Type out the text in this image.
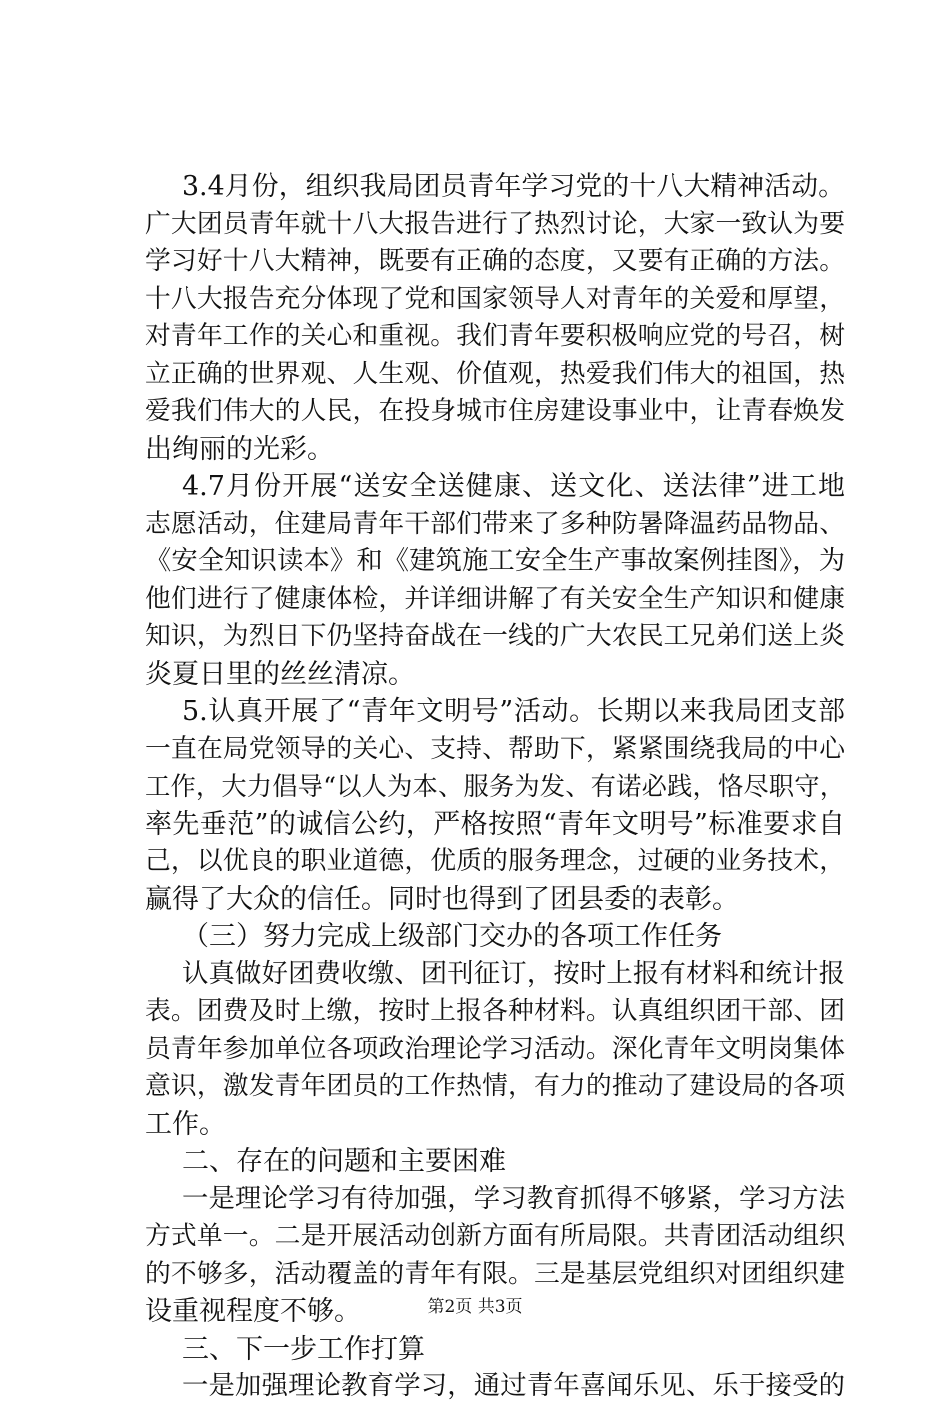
3.4月份，组织我局团员青年学习党的十八大精神活动。
广大团员青年就十八大报告进行了热烈讨论，大家一致认为要
学习好十八大精神，既要有正确的态度，又要有正确的方法。
十八大报告充分体现了党和国家领导人对青年的关爱和厚望，
对青年工作的关心和重视。我们青年要积极响应党的号召，树
立正确的世界观、人生观、价值观，热爱我们伟大的祖国，热
爱我们伟大的人民，在投身城市住房建设事业中，让青春焕发
出绚丽的光彩。
4.7月份开展“送安全送健康、送文化、送法律”进工地
志愿活动，住建局青年干部们带来了多种防暑降温药品物品、
《安全知识读本》和《建筑施工安全生产事故案例挂图》，为
他们进行了健康体检，并详细讲解了有关安全生产知识和健康
知识，为烈日下仍坚持奋战在一线的广大农民工兄弟们送上炎
炎夏日里的丝丝清凉。
5.认真开展了“青年文明号”活动。长期以来我局团支部
一直在局党领导的关心、支持、帮助下，紧紧围绕我局的中心
工作，大力倡导“以人为本、服务为发、有诺必践，恪尽职守，
率先垂范”的诚信公约，严格按照“青年文明号”标准要求自
己，以优良的职业道德，优质的服务理念，过硬的业务技术，
赢得了大众的信任。同时也得到了团县委的表彰。
（三）努力完成上级部门交办的各项工作任务
认真做好团费收缴、团刊征订，按时上报有材料和统计报
表。团费及时上缴，按时上报各种材料。认真组织团干部、团
员青年参加单位各项政治理论学习活动。深化青年文明岗集体
意识，激发青年团员的工作热情，有力的推动了建设局的各项
工作。
二、存在的问题和主要困难
一是理论学习有待加强，学习教育抓得不够紧，学习方法
方式单一。二是开展活动创新方面有所局限。共青团活动组织
的不够多，活动覆盖的青年有限。三是基层党组织对团组织建
设重视程度不够。
三、下一步工作打算
一是加强理论教育学习，通过青年喜闻乐见、乐于接受的
第2页 共3页
